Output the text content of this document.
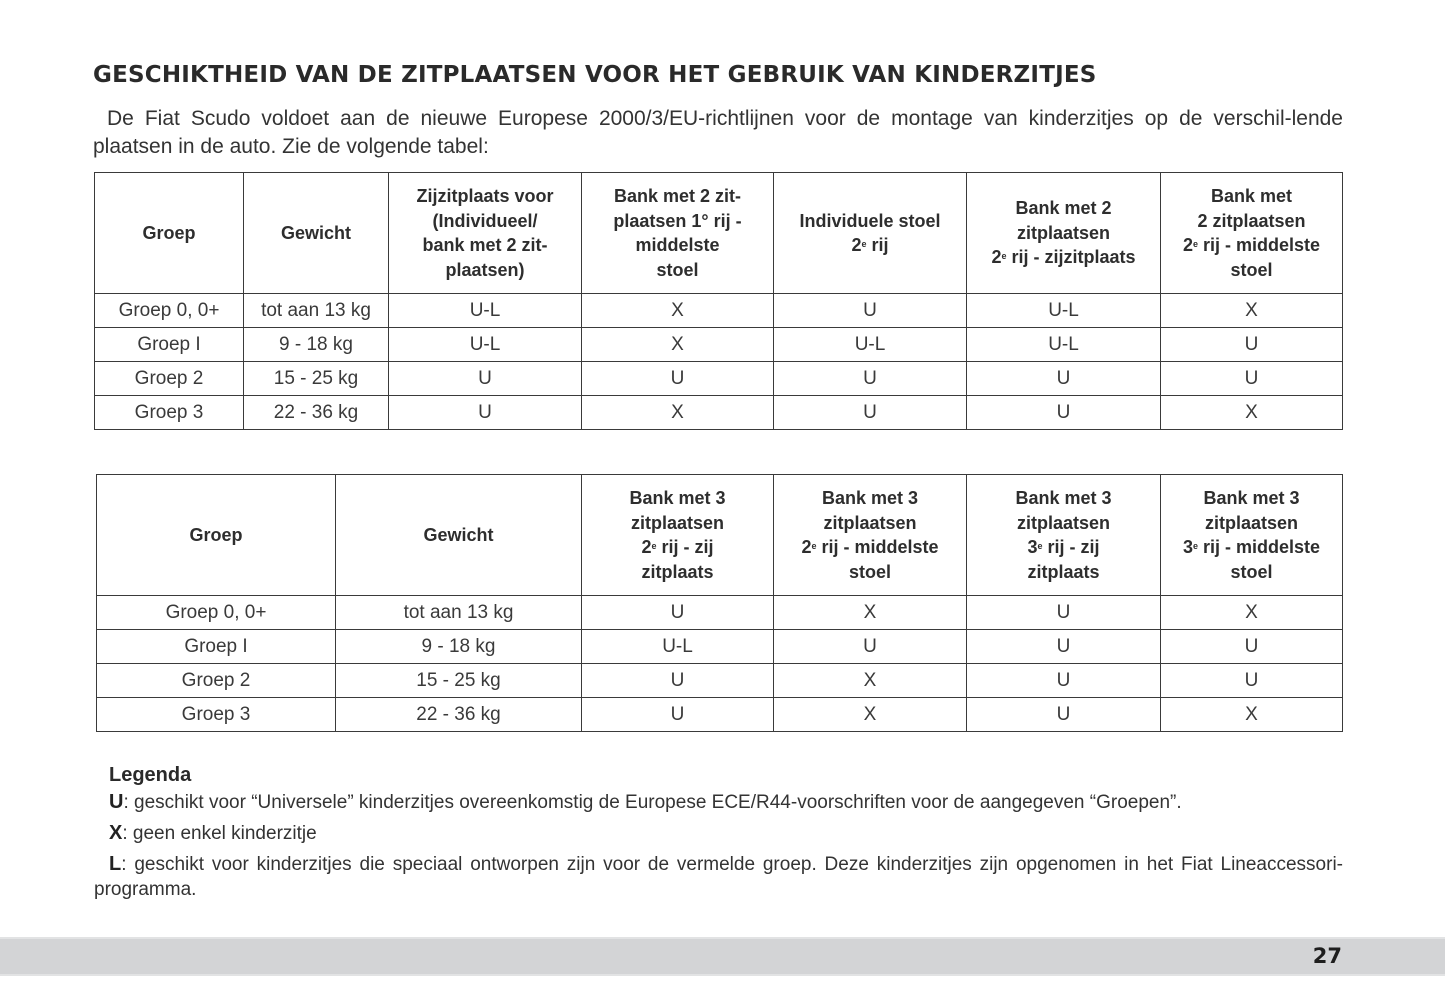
GESCHIKTHEID VAN DE ZITPLAATSEN VOOR HET GEBRUIK VAN KINDERZITJES

De Fiat Scudo voldoet aan de nieuwe Europese 2000/3/EU-richtlijnen voor de montage van kinderzitjes op de verschil-lende plaatsen in de auto. Zie de volgende tabel:

Groep	Gewicht	Zijzitplaats voor
(Individueel/
bank met 2 zit-
plaatsen)	Bank met 2 zit-
plaatsen 1° rij -
middelste
stoel	Individuele stoel
2e rij	Bank met 2
zitplaatsen
2e rij - zijzitplaats	Bank met
2 zitplaatsen
2e rij - middelste
stoel

Groep 0, 0+	tot aan 13 kg	U-L	X	U	U-L	X
Groep I	9 - 18 kg	U-L	X	U-L	U-L	U
Groep 2	15 - 25 kg	U	U	U	U	U
Groep 3	22 - 36 kg	U	X	U	U	X
Groep	Gewicht	Bank met 3
zitplaatsen
2e rij - zij
zitplaats	Bank met 3
zitplaatsen
2e rij - middelste
stoel	Bank met 3
zitplaatsen
3e rij - zij
zitplaats	Bank met 3
zitplaatsen
3e rij - middelste
stoel

Groep 0, 0+	tot aan 13 kg	U	X	U	X
Groep I	9 - 18 kg	U-L	U	U	U
Groep 2	15 - 25 kg	U	X	U	U
Groep 3	22 - 36 kg	U	X	U	X
Legenda
U: geschikt voor “Universele” kinderzitjes overeenkomstig de Europese ECE/R44-voorschriften voor de aangegeven “Groepen”.
X: geen enkel kinderzitje
L: geschikt voor kinderzitjes die speciaal ontworpen zijn voor de vermelde groep. Deze kinderzitjes zijn opgenomen in het Fiat Lineaccessori-programma.
27
